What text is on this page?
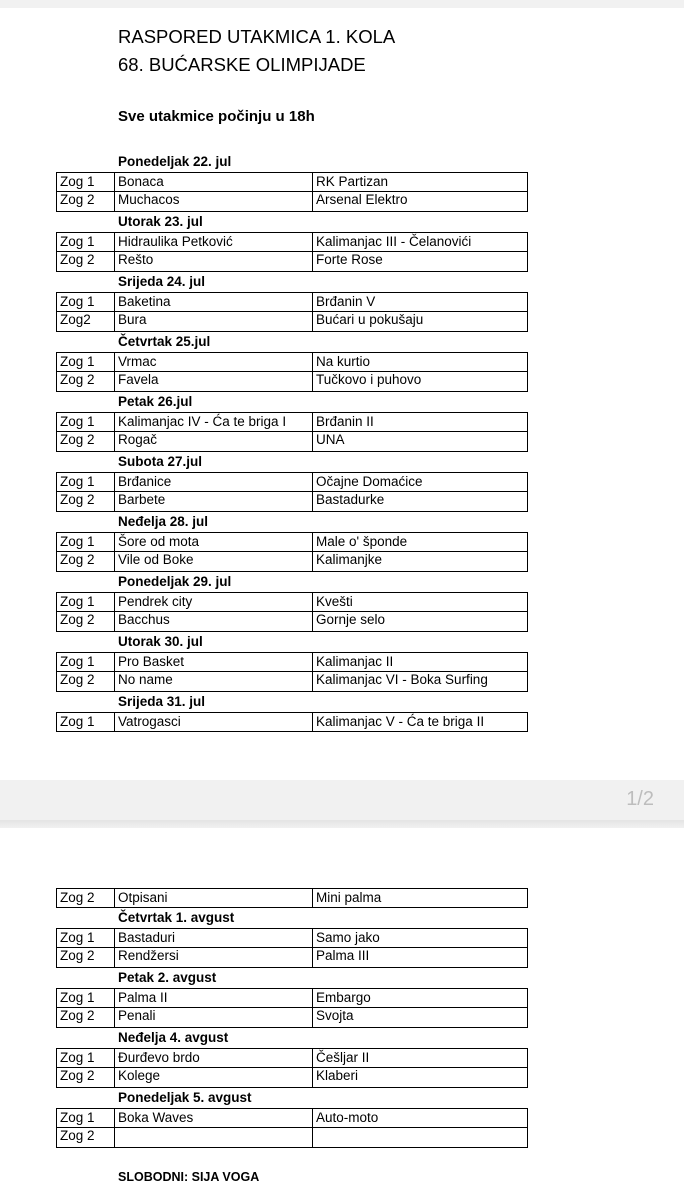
RASPORED UTAKMICA 1. KOLA
68. BUĆARSKE OLIMPIJADE
Sve utakmice počinju u 18h
Ponedeljak 22. jul
Zog 1	Bonaca	RK Partizan
Zog 2	Muchacos	Arsenal Elektro
Utorak 23. jul
Zog 1	Hidraulika Petković	Kalimanjac III - Čelanovići
Zog 2	Rešto	Forte Rose
Srijeda 24. jul
Zog 1	Baketina	Brđanin V
Zog2	Bura	Bućari u pokušaju
Četvrtak 25.jul
Zog 1	Vrmac	Na kurtio
Zog 2	Favela	Tučkovo i puhovo
Petak 26.jul
Zog 1	Kalimanjac IV - Ća te briga I	Brđanin II
Zog 2	Rogač	UNA
Subota 27.jul
Zog 1	Brđanice	Očajne Domaćice
Zog 2	Barbete	Bastadurke
Neđelja 28. jul
Zog 1	Šore od mota	Male o' šponde
Zog 2	Vile od Boke	Kalimanjke
Ponedeljak 29. jul
Zog 1	Pendrek city	Kvešti
Zog 2	Bacchus	Gornje selo
Utorak 30. jul
Zog 1	Pro Basket	Kalimanjac II
Zog 2	No name	Kalimanjac VI - Boka Surfing
Srijeda 31. jul
Zog 1	Vatrogasci	Kalimanjac V - Ća te briga II
1/2
Zog 2	Otpisani	Mini palma
Četvrtak 1. avgust
Zog 1	Bastaduri	Samo jako
Zog 2	Rendžersi	Palma III
Petak 2. avgust
Zog 1	Palma II	Embargo
Zog 2	Penali	Svojta
Neđelja 4. avgust
Zog 1	Đurđevo brdo	Češljar II
Zog 2	Kolege	Klaberi
Ponedeljak 5. avgust
Zog 1	Boka Waves	Auto-moto
Zog 2
SLOBODNI: SIJA VOGA
